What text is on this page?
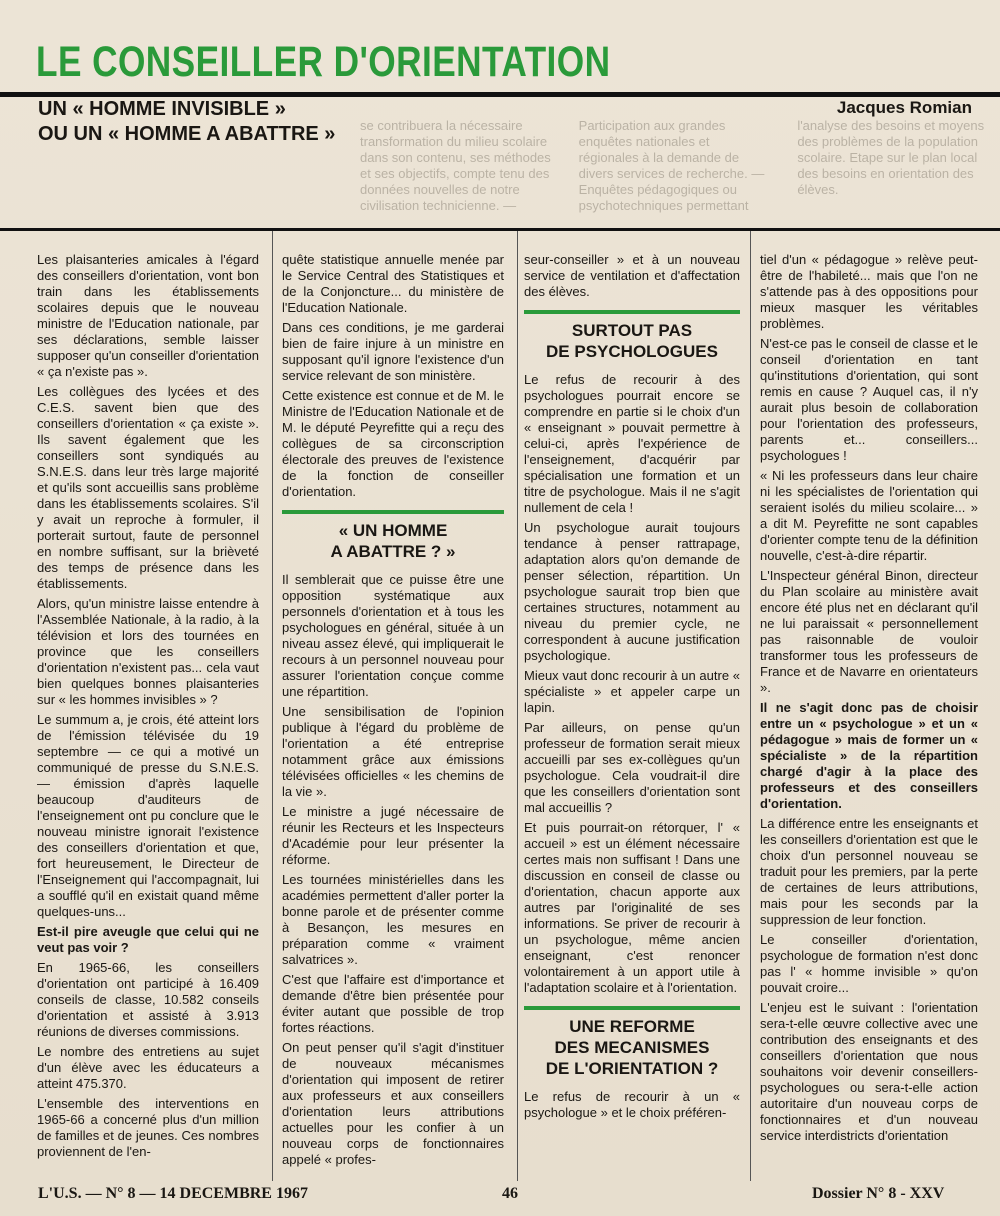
LE CONSEILLER D'ORIENTATION
UN « HOMME INVISIBLE »
OU UN « HOMME A ABATTRE »
Jacques Romian
se contribuera la nécessaire transformation du milieu scolaire dans son contenu, ses méthodes et ses objectifs, compte tenu des données nouvelles de notre civilisation technicienne. — Participation aux grandes enquêtes nationales et régionales à la demande de divers services de recherche. — Enquêtes pédagogiques ou psychotechniques permettant l'analyse des besoins et moyens des problèmes de la population scolaire. Etape sur le plan local des besoins en orientation des élèves.

Les plaisanteries amicales à l'égard des conseillers d'orientation, vont bon train dans les établissements scolaires depuis que le nouveau ministre de l'Education nationale, par ses déclarations, semble laisser supposer qu'un conseiller d'orientation « ça n'existe pas ».

Les collègues des lycées et des C.E.S. savent bien que des conseillers d'orientation « ça existe ». Ils savent également que les conseillers sont syndiqués au S.N.E.S. dans leur très large majorité et qu'ils sont accueillis sans problème dans les établissements scolaires. S'il y avait un reproche à formuler, il porterait surtout, faute de personnel en nombre suffisant, sur la brièveté des temps de présence dans les établissements.

Alors, qu'un ministre laisse entendre à l'Assemblée Nationale, à la radio, à la télévision et lors des tournées en province que les conseillers d'orientation n'existent pas... cela vaut bien quelques bonnes plaisanteries sur « les hommes invisibles » ?

Le summum a, je crois, été atteint lors de l'émission télévisée du 19 septembre — ce qui a motivé un communiqué de presse du S.N.E.S. — émission d'après laquelle beaucoup d'auditeurs de l'enseignement ont pu conclure que le nouveau ministre ignorait l'existence des conseillers d'orientation et que, fort heureusement, le Directeur de l'Enseignement qui l'accompagnait, lui a soufflé qu'il en existait quand même quelques-uns...

Est-il pire aveugle que celui qui ne veut pas voir ?

En 1965-66, les conseillers d'orientation ont participé à 16.409 conseils de classe, 10.582 conseils d'orientation et assisté à 3.913 réunions de diverses commissions.

Le nombre des entretiens au sujet d'un élève avec les éducateurs a atteint 475.370.

L'ensemble des interventions en 1965-66 a concerné plus d'un million de familles et de jeunes. Ces nombres proviennent de l'en-

quête statistique annuelle menée par le Service Central des Statistiques et de la Conjoncture... du ministère de l'Education Nationale.

Dans ces conditions, je me garderai bien de faire injure à un ministre en supposant qu'il ignore l'existence d'un service relevant de son ministère.

Cette existence est connue et de M. le Ministre de l'Education Nationale et de M. le député Peyrefitte qui a reçu des collègues de sa circonscription électorale des preuves de l'existence de la fonction de conseiller d'orientation.

« UN HOMME
A ABATTRE ? »

Il semblerait que ce puisse être une opposition systématique aux personnels d'orientation et à tous les psychologues en général, située à un niveau assez élevé, qui impliquerait le recours à un personnel nouveau pour assurer l'orientation conçue comme une répartition.

Une sensibilisation de l'opinion publique à l'égard du problème de l'orientation a été entreprise notamment grâce aux émissions télévisées officielles « les chemins de la vie ».

Le ministre a jugé nécessaire de réunir les Recteurs et les Inspecteurs d'Académie pour leur présenter la réforme.

Les tournées ministérielles dans les académies permettent d'aller porter la bonne parole et de présenter comme à Besançon, les mesures en préparation comme « vraiment salvatrices ».

C'est que l'affaire est d'importance et demande d'être bien présentée pour éviter autant que possible de trop fortes réactions.

On peut penser qu'il s'agit d'instituer de nouveaux mécanismes d'orientation qui imposent de retirer aux professeurs et aux conseillers d'orientation leurs attributions actuelles pour les confier à un nouveau corps de fonctionnaires appelé « profes-

seur-conseiller » et à un nouveau service de ventilation et d'affectation des élèves.

SURTOUT PAS
DE PSYCHOLOGUES

Le refus de recourir à des psychologues pourrait encore se comprendre en partie si le choix d'un « enseignant » pouvait permettre à celui-ci, après l'expérience de l'enseignement, d'acquérir par spécialisation une formation et un titre de psychologue. Mais il ne s'agit nullement de cela !

Un psychologue aurait toujours tendance à penser rattrapage, adaptation alors qu'on demande de penser sélection, répartition. Un psychologue saurait trop bien que certaines structures, notamment au niveau du premier cycle, ne correspondent à aucune justification psychologique.

Mieux vaut donc recourir à un autre « spécialiste » et appeler carpe un lapin.

Par ailleurs, on pense qu'un professeur de formation serait mieux accueilli par ses ex-collègues qu'un psychologue. Cela voudrait-il dire que les conseillers d'orientation sont mal accueillis ?

Et puis pourrait-on rétorquer, l' « accueil » est un élément nécessaire certes mais non suffisant ! Dans une discussion en conseil de classe ou d'orientation, chacun apporte aux autres par l'originalité de ses informations. Se priver de recourir à un psychologue, même ancien enseignant, c'est renoncer volontairement à un apport utile à l'adaptation scolaire et à l'orientation.

UNE REFORME
DES MECANISMES
DE L'ORIENTATION ?

Le refus de recourir à un « psychologue » et le choix préféren-

tiel d'un « pédagogue » relève peut-être de l'habileté... mais que l'on ne s'attende pas à des oppositions pour mieux masquer les véritables problèmes.

N'est-ce pas le conseil de classe et le conseil d'orientation en tant qu'institutions d'orientation, qui sont remis en cause ? Auquel cas, il n'y aurait plus besoin de collaboration pour l'orientation des professeurs, parents et... conseillers... psychologues !

« Ni les professeurs dans leur chaire ni les spécialistes de l'orientation qui seraient isolés du milieu scolaire... » a dit M. Peyrefitte ne sont capables d'orienter compte tenu de la définition nouvelle, c'est-à-dire répartir.

L'Inspecteur général Binon, directeur du Plan scolaire au ministère avait encore été plus net en déclarant qu'il ne lui paraissait « personnellement pas raisonnable de vouloir transformer tous les professeurs de France et de Navarre en orientateurs ».

Il ne s'agit donc pas de choisir entre un « psychologue » et un « pédagogue » mais de former un « spécialiste » de la répartition chargé d'agir à la place des professeurs et des conseillers d'orientation.

La différence entre les enseignants et les conseillers d'orientation est que le choix d'un personnel nouveau se traduit pour les premiers, par la perte de certaines de leurs attributions, mais pour les seconds par la suppression de leur fonction.

Le conseiller d'orientation, psychologue de formation n'est donc pas l' « homme invisible » qu'on pouvait croire...

L'enjeu est le suivant : l'orientation sera-t-elle œuvre collective avec une contribution des enseignants et des conseillers d'orientation que nous souhaitons voir devenir conseillers-psychologues ou sera-t-elle action autoritaire d'un nouveau corps de fonctionnaires et d'un nouveau service interdistricts d'orientation

L'U.S. — N° 8 — 14 DECEMBRE 1967	46	Dossier N° 8 - XXV
